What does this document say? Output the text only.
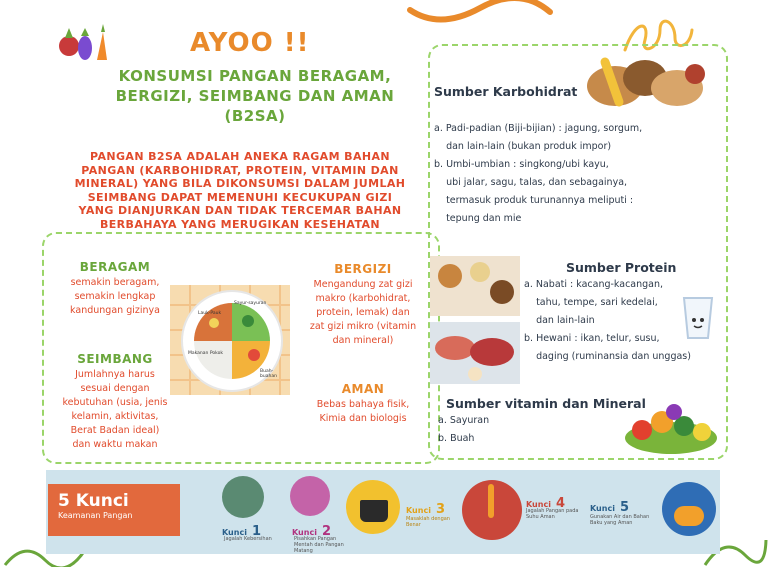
AYOO !!
KONSUMSI PANGAN BERAGAM,
BERGIZI, SEIMBANG DAN AMAN
(B2SA)
PANGAN B2SA ADALAH ANEKA RAGAM BAHAN
PANGAN (KARBOHIDRAT, PROTEIN, VITAMIN DAN
MINERAL) YANG BILA DIKONSUMSI DALAM JUMLAH
SEIMBANG DAPAT MEMENUHI KECUKUPAN GIZI
YANG DIANJURKAN DAN TIDAK TERCEMAR BAHAN
BERBAHAYA YANG MERUGIKAN KESEHATAN
BERAGAM
semakin beragam,
semakin lengkap
kandungan gizinya
SEIMBANG
Jumlahnya harus
sesuai dengan
kebutuhan (usia, jenis
kelamin, aktivitas,
Berat Badan ideal)
dan waktu makan
Lauk-Pauk
Sayur-sayuran
Makanan Pokok
Buah-buahan
BERGIZI
Mengandung zat gizi
makro (karbohidrat,
protein, lemak) dan
zat gizi mikro (vitamin
dan mineral)
AMAN
Bebas bahaya fisik,
Kimia dan biologis
Sumber Karbohidrat
a. Padi-padian (Biji-bijian) : jagung, sorgum,
dan lain-lain (bukan produk impor)
b. Umbi-umbian : singkong/ubi kayu,
ubi jalar, sagu, talas, dan sebagainya,
termasuk produk turunannya meliputi :
tepung dan mie
Sumber Protein
a. Nabati : kacang-kacangan,
tahu, tempe, sari kedelai,
dan lain-lain
b. Hewani : ikan, telur, susu,
daging (ruminansia dan unggas)
Sumber vitamin dan Mineral
a. Sayuran
b. Buah
5 Kunci
Keamanan Pangan
Kunci 1
Jagalah Kebersihan
Kunci 2
Pisahkan Pangan Mentah dan Pangan Matang
Kunci 3
Masaklah dengan Benar
Kunci 4
Jagalah Pangan pada Suhu Aman
Kunci 5
Gunakan Air dan Bahan Baku yang Aman
